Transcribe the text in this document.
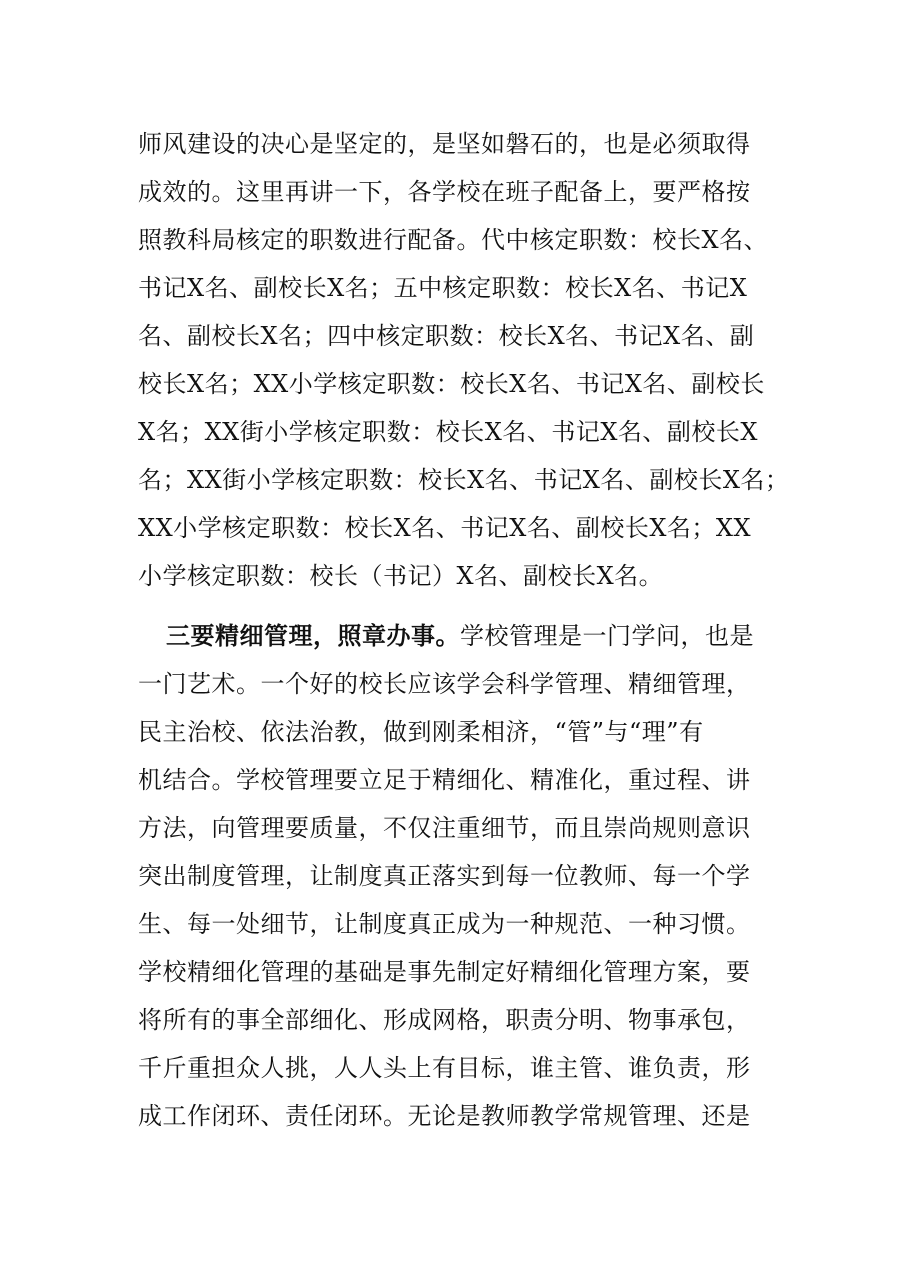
师风建设的决心是坚定的，是坚如磐石的，也是必须取得
成效的。这里再讲一下，各学校在班子配备上，要严格按
照教科局核定的职数进行配备。代中核定职数：校长X名、
书记X名、副校长X名；五中核定职数：校长X名、书记X
名、副校长X名；四中核定职数：校长X名、书记X名、副
校长X名；XX小学核定职数：校长X名、书记X名、副校长
X名；XX街小学核定职数：校长X名、书记X名、副校长X
名；XX街小学核定职数：校长X名、书记X名、副校长X名；
XX小学核定职数：校长X名、书记X名、副校长X名；XX
小学核定职数：校长（书记）X名、副校长X名。
三要精细管理，照章办事。学校管理是一门学问，也是
一门艺术。一个好的校长应该学会科学管理、精细管理，
民主治校、依法治教，做到刚柔相济，“管”与“理”有
机结合。学校管理要立足于精细化、精准化，重过程、讲
方法，向管理要质量，不仅注重细节，而且崇尚规则意识
突出制度管理，让制度真正落实到每一位教师、每一个学
生、每一处细节，让制度真正成为一种规范、一种习惯。
学校精细化管理的基础是事先制定好精细化管理方案，要
将所有的事全部细化、形成网格，职责分明、物事承包，
千斤重担众人挑，人人头上有目标，谁主管、谁负责，形
成工作闭环、责任闭环。无论是教师教学常规管理、还是
